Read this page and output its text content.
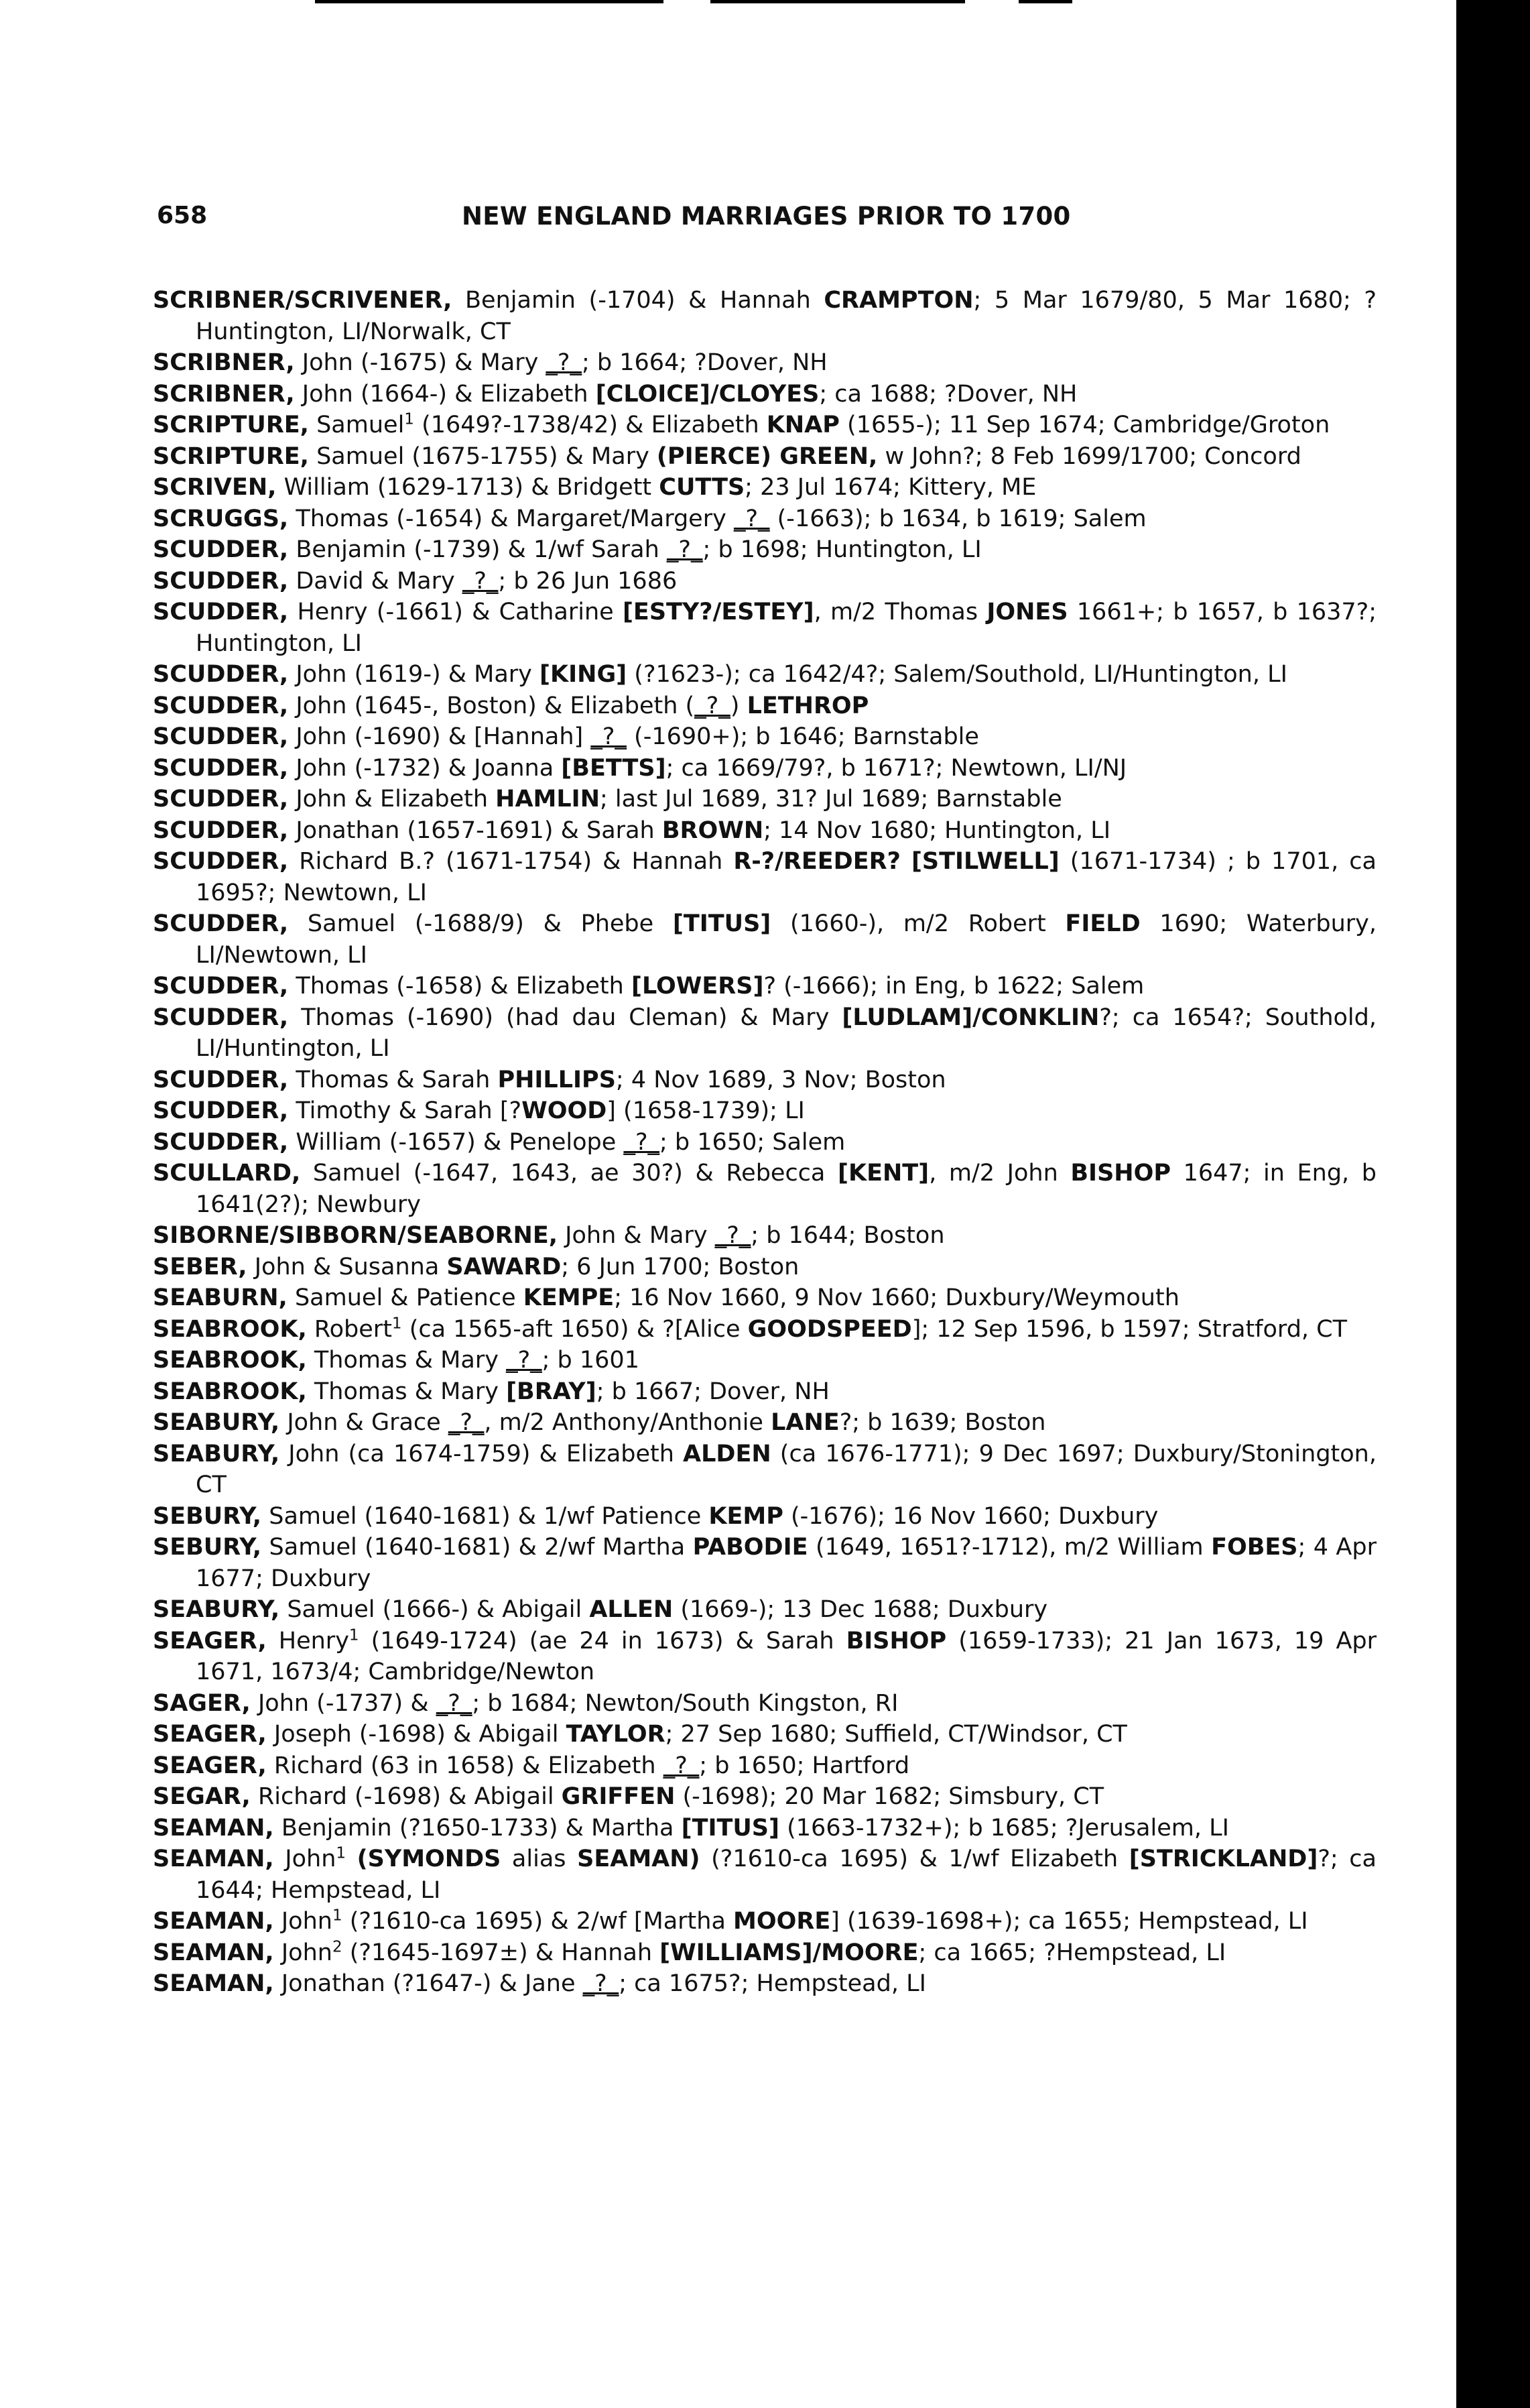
658	NEW ENGLAND MARRIAGES PRIOR TO 1700
SCRIBNER/SCRIVENER, Benjamin (-1704) & Hannah CRAMPTON; 5 Mar 1679/80, 5 Mar 1680; ?Huntington, LI/Norwalk, CT
SCRIBNER, John (-1675) & Mary _?_; b 1664; ?Dover, NH
SCRIBNER, John (1664-) & Elizabeth [CLOICE]/CLOYES; ca 1688; ?Dover, NH
SCRIPTURE, Samuel$^1$ (1649?-1738/42) & Elizabeth KNAP (1655-); 11 Sep 1674; Cambridge/Groton
SCRIPTURE, Samuel (1675-1755) & Mary (PIERCE) GREEN, w John?; 8 Feb 1699/1700; Concord
SCRIVEN, William (1629-1713) & Bridgett CUTTS; 23 Jul 1674; Kittery, ME
SCRUGGS, Thomas (-1654) & Margaret/Margery _?_ (-1663); b 1634, b 1619; Salem
SCUDDER, Benjamin (-1739) & 1/wf Sarah _?_; b 1698; Huntington, LI
SCUDDER, David & Mary _?_; b 26 Jun 1686
SCUDDER, Henry (-1661) & Catharine [ESTY?/ESTEY], m/2 Thomas JONES 1661+; b 1657, b 1637?; Huntington, LI
SCUDDER, John (1619-) & Mary [KING] (?1623-); ca 1642/4?; Salem/Southold, LI/Huntington, LI
SCUDDER, John (1645-, Boston) & Elizabeth (_?_) LETHROP
SCUDDER, John (-1690) & [Hannah] _?_ (-1690+); b 1646; Barnstable
SCUDDER, John (-1732) & Joanna [BETTS]; ca 1669/79?, b 1671?; Newtown, LI/NJ
SCUDDER, John & Elizabeth HAMLIN; last Jul 1689, 31? Jul 1689; Barnstable
SCUDDER, Jonathan (1657-1691) & Sarah BROWN; 14 Nov 1680; Huntington, LI
SCUDDER, Richard B.? (1671-1754) & Hannah R-?/REEDER? [STILWELL] (1671-1734) ; b 1701, ca 1695?; Newtown, LI
SCUDDER, Samuel (-1688/9) & Phebe [TITUS] (1660-), m/2 Robert FIELD 1690; Waterbury, LI/Newtown, LI
SCUDDER, Thomas (-1658) & Elizabeth [LOWERS]? (-1666); in Eng, b 1622; Salem
SCUDDER, Thomas (-1690) (had dau Cleman) & Mary [LUDLAM]/CONKLIN?; ca 1654?; Southold, LI/Huntington, LI
SCUDDER, Thomas & Sarah PHILLIPS; 4 Nov 1689, 3 Nov; Boston
SCUDDER, Timothy & Sarah [?WOOD] (1658-1739); LI
SCUDDER, William (-1657) & Penelope _?_; b 1650; Salem
SCULLARD, Samuel (-1647, 1643, ae 30?) & Rebecca [KENT], m/2 John BISHOP 1647; in Eng, b 1641(2?); Newbury
SIBORNE/SIBBORN/SEABORNE, John & Mary _?_; b 1644; Boston
SEBER, John & Susanna SAWARD; 6 Jun 1700; Boston
SEABURN, Samuel & Patience KEMPE; 16 Nov 1660, 9 Nov 1660; Duxbury/Weymouth
SEABROOK, Robert$^1$ (ca 1565-aft 1650) & ?[Alice GOODSPEED]; 12 Sep 1596, b 1597; Stratford, CT
SEABROOK, Thomas & Mary _?_; b 1601
SEABROOK, Thomas & Mary [BRAY]; b 1667; Dover, NH
SEABURY, John & Grace _?_, m/2 Anthony/Anthonie LANE?; b 1639; Boston
SEABURY, John (ca 1674-1759) & Elizabeth ALDEN (ca 1676-1771); 9 Dec 1697; Duxbury/Stonington, CT
SEBURY, Samuel (1640-1681) & 1/wf Patience KEMP (-1676); 16 Nov 1660; Duxbury
SEBURY, Samuel (1640-1681) & 2/wf Martha PABODIE (1649, 1651?-1712), m/2 William FOBES; 4 Apr 1677; Duxbury
SEABURY, Samuel (1666-) & Abigail ALLEN (1669-); 13 Dec 1688; Duxbury
SEAGER, Henry$^1$ (1649-1724) (ae 24 in 1673) & Sarah BISHOP (1659-1733); 21 Jan 1673, 19 Apr 1671, 1673/4; Cambridge/Newton
SAGER, John (-1737) & _?_; b 1684; Newton/South Kingston, RI
SEAGER, Joseph (-1698) & Abigail TAYLOR; 27 Sep 1680; Suffield, CT/Windsor, CT
SEAGER, Richard (63 in 1658) & Elizabeth _?_; b 1650; Hartford
SEGAR, Richard (-1698) & Abigail GRIFFEN (-1698); 20 Mar 1682; Simsbury, CT
SEAMAN, Benjamin (?1650-1733) & Martha [TITUS] (1663-1732+); b 1685; ?Jerusalem, LI
SEAMAN, John$^1$ (SYMONDS alias SEAMAN) (?1610-ca 1695) & 1/wf Elizabeth [STRICKLAND]?; ca 1644; Hempstead, LI
SEAMAN, John$^1$ (?1610-ca 1695) & 2/wf [Martha MOORE] (1639-1698+); ca 1655; Hempstead, LI
SEAMAN, John$^2$ (?1645-1697±) & Hannah [WILLIAMS]/MOORE; ca 1665; ?Hempstead, LI
SEAMAN, Jonathan (?1647-) & Jane _?_; ca 1675?; Hempstead, LI
